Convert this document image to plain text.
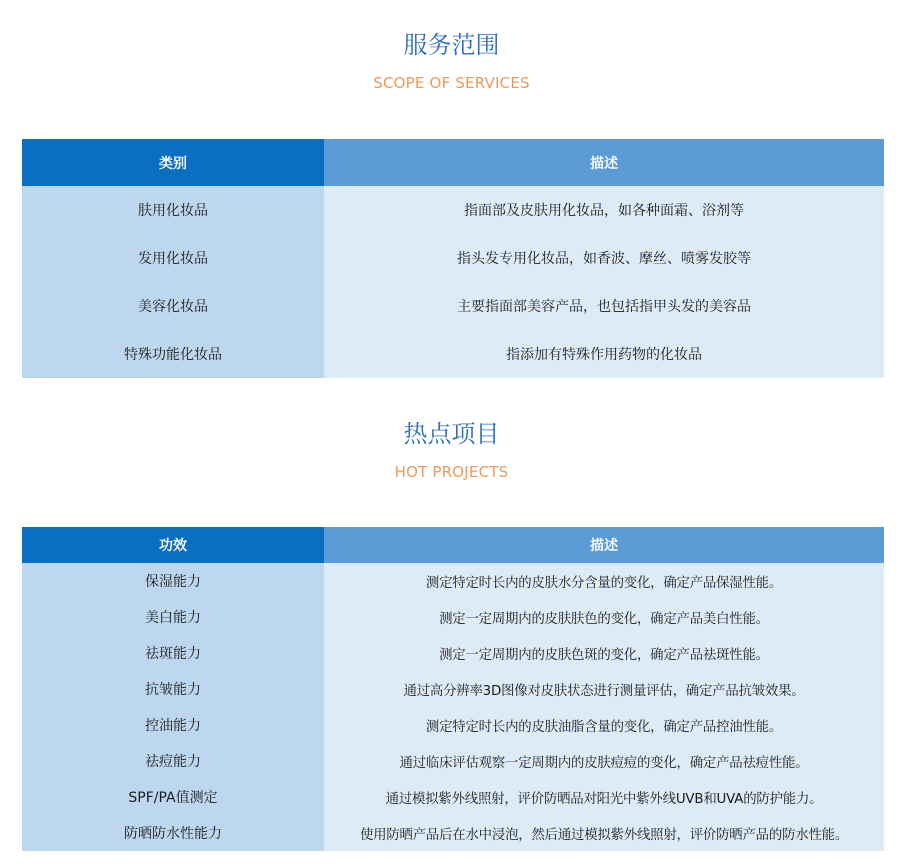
服务范围
SCOPE OF SERVICES
类别	描述
肤用化妆品	指面部及皮肤用化妆品，如各种面霜、浴剂等
发用化妆品	指头发专用化妆品，如香波、摩丝、喷雾发胶等
美容化妆品	主要指面部美容产品，也包括指甲头发的美容品
特殊功能化妆品	指添加有特殊作用药物的化妆品
热点项目
HOT PROJECTS
功效	描述
保湿能力	测定特定时长内的皮肤水分含量的变化，确定产品保湿性能。
美白能力	测定一定周期内的皮肤肤色的变化，确定产品美白性能。
祛斑能力	测定一定周期内的皮肤色斑的变化，确定产品祛斑性能。
抗皱能力	通过高分辨率3D图像对皮肤状态进行测量评估，确定产品抗皱效果。
控油能力	测定特定时长内的皮肤油脂含量的变化，确定产品控油性能。
祛痘能力	通过临床评估观察一定周期内的皮肤痘痘的变化，确定产品祛痘性能。
SPF/PA值测定	通过模拟紫外线照射，评价防晒品对阳光中紫外线UVB和UVA的防护能力。
防晒防水性能力	使用防晒产品后在水中浸泡，然后通过模拟紫外线照射，评价防晒产品的防水性能。
